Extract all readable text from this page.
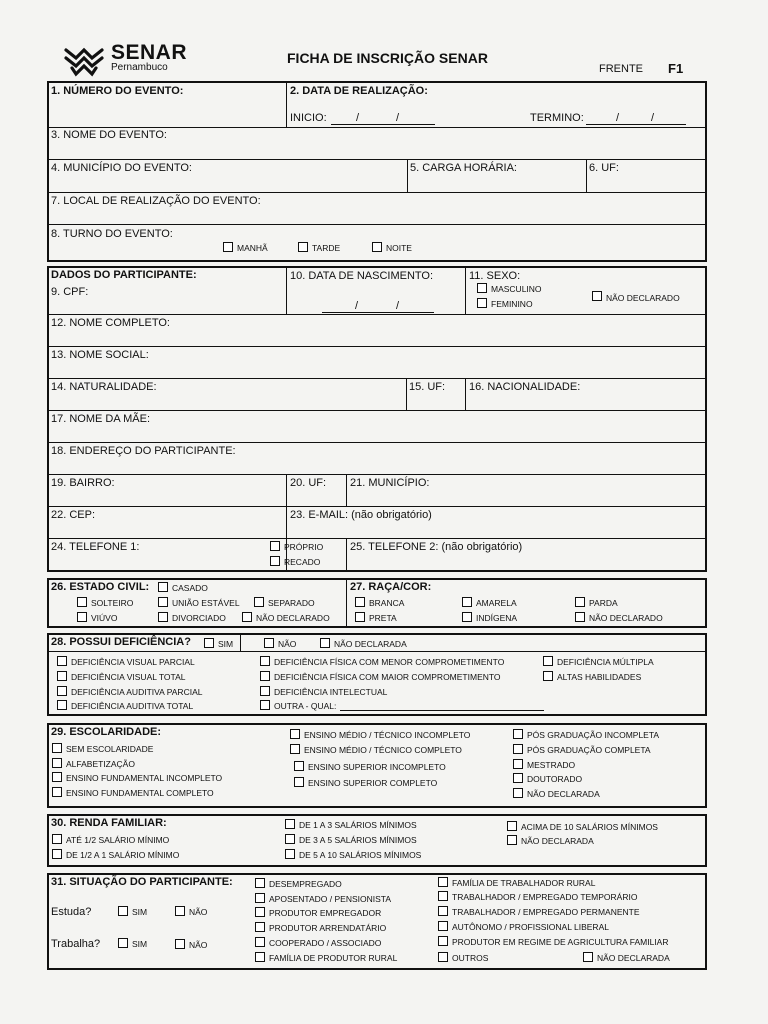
SENAR
Pernambuco
FICHA DE INSCRIÇÃO SENAR
FRENTE F1
1. NÚMERO DO EVENTO:	2. DATA DE REALIZAÇÃO:
INICIO:	/	/	TERMINO:	/	/
3. NOME DO EVENTO:
4. MUNICÍPIO DO EVENTO:	5. CARGA HORÁRIA:	6. UF:
7. LOCAL DE REALIZAÇÃO DO EVENTO:
8. TURNO DO EVENTO:
MANHÃ	TARDE	NOITE
DADOS DO PARTICIPANTE:
9. CPF:
10. DATA DE NASCIMENTO:
/	/
11. SEXO:
MASCULINO
FEMININO
NÃO DECLARADO
12. NOME COMPLETO:
13. NOME SOCIAL:
14. NATURALIDADE:	15. UF: 16. NACIONALIDADE:
17. NOME DA MÃE:
18. ENDEREÇO DO PARTICIPANTE:
19. BAIRRO:	20. UF: 21. MUNICÍPIO:
22. CEP:	23. E-MAIL: (não obrigatório)
24. TELEFONE 1:	PRÓPRIO
RECADO
25. TELEFONE 2: (não obrigatório)
26. ESTADO CIVIL:	CASADO
SOLTEIRO	UNIÃO ESTÁVEL	SEPARADO
VIÚVO	DIVORCIADO	NÃO DECLARADO
27. RAÇA/COR:
BRANCA	AMARELA	PARDA
PRETA	INDÍGENA	NÃO DECLARADO
28. POSSUI DEFICIÊNCIA?	SIM	NÃO	NÃO DECLARADA
DEFICIÊNCIA VISUAL PARCIAL
DEFICIÊNCIA VISUAL TOTAL
DEFICIÊNCIA AUDITIVA PARCIAL
DEFICIÊNCIA AUDITIVA TOTAL
DEFICIÊNCIA FÍSICA COM MENOR COMPROMETIMENTO
DEFICIÊNCIA FÍSICA COM MAIOR COMPROMETIMENTO
DEFICIÊNCIA INTELECTUAL
OUTRA - QUAL:
DEFICIÊNCIA MÚLTIPLA
ALTAS HABILIDADES
29. ESCOLARIDADE:
SEM ESCOLARIDADE
ALFABETIZAÇÃO
ENSINO FUNDAMENTAL INCOMPLETO
ENSINO FUNDAMENTAL COMPLETO
ENSINO MÉDIO / TÉCNICO INCOMPLETO
ENSINO MÉDIO / TÉCNICO COMPLETO
ENSINO SUPERIOR INCOMPLETO
ENSINO SUPERIOR COMPLETO
PÓS GRADUAÇÃO INCOMPLETA
PÓS GRADUAÇÃO COMPLETA
MESTRADO
DOUTORADO
NÃO DECLARADA
30. RENDA FAMILIAR:
ATÉ 1/2 SALÁRIO MÍNIMO
DE 1/2 A 1 SALÁRIO MÍNIMO
DE 1 A 3 SALÁRIOS MÍNIMOS
DE 3 A 5 SALÁRIOS MÍNIMOS
DE 5 A 10 SALÁRIOS MÍNIMOS
ACIMA DE 10 SALÁRIOS MÍNIMOS
NÃO DECLARADA
31. SITUAÇÃO DO PARTICIPANTE:
Estuda?	SIM	NÃO
Trabalha?	SIM	NÃO
DESEMPREGADO
APOSENTADO / PENSIONISTA
PRODUTOR EMPREGADOR
PRODUTOR ARRENDATÁRIO
COOPERADO / ASSOCIADO
FAMÍLIA DE PRODUTOR RURAL
FAMÍLIA DE TRABALHADOR RURAL
TRABALHADOR / EMPREGADO TEMPORÁRIO
TRABALHADOR / EMPREGADO PERMANENTE
AUTÔNOMO / PROFISSIONAL LIBERAL
PRODUTOR EM REGIME DE AGRICULTURA FAMILIAR
OUTROS	NÃO DECLARADA
